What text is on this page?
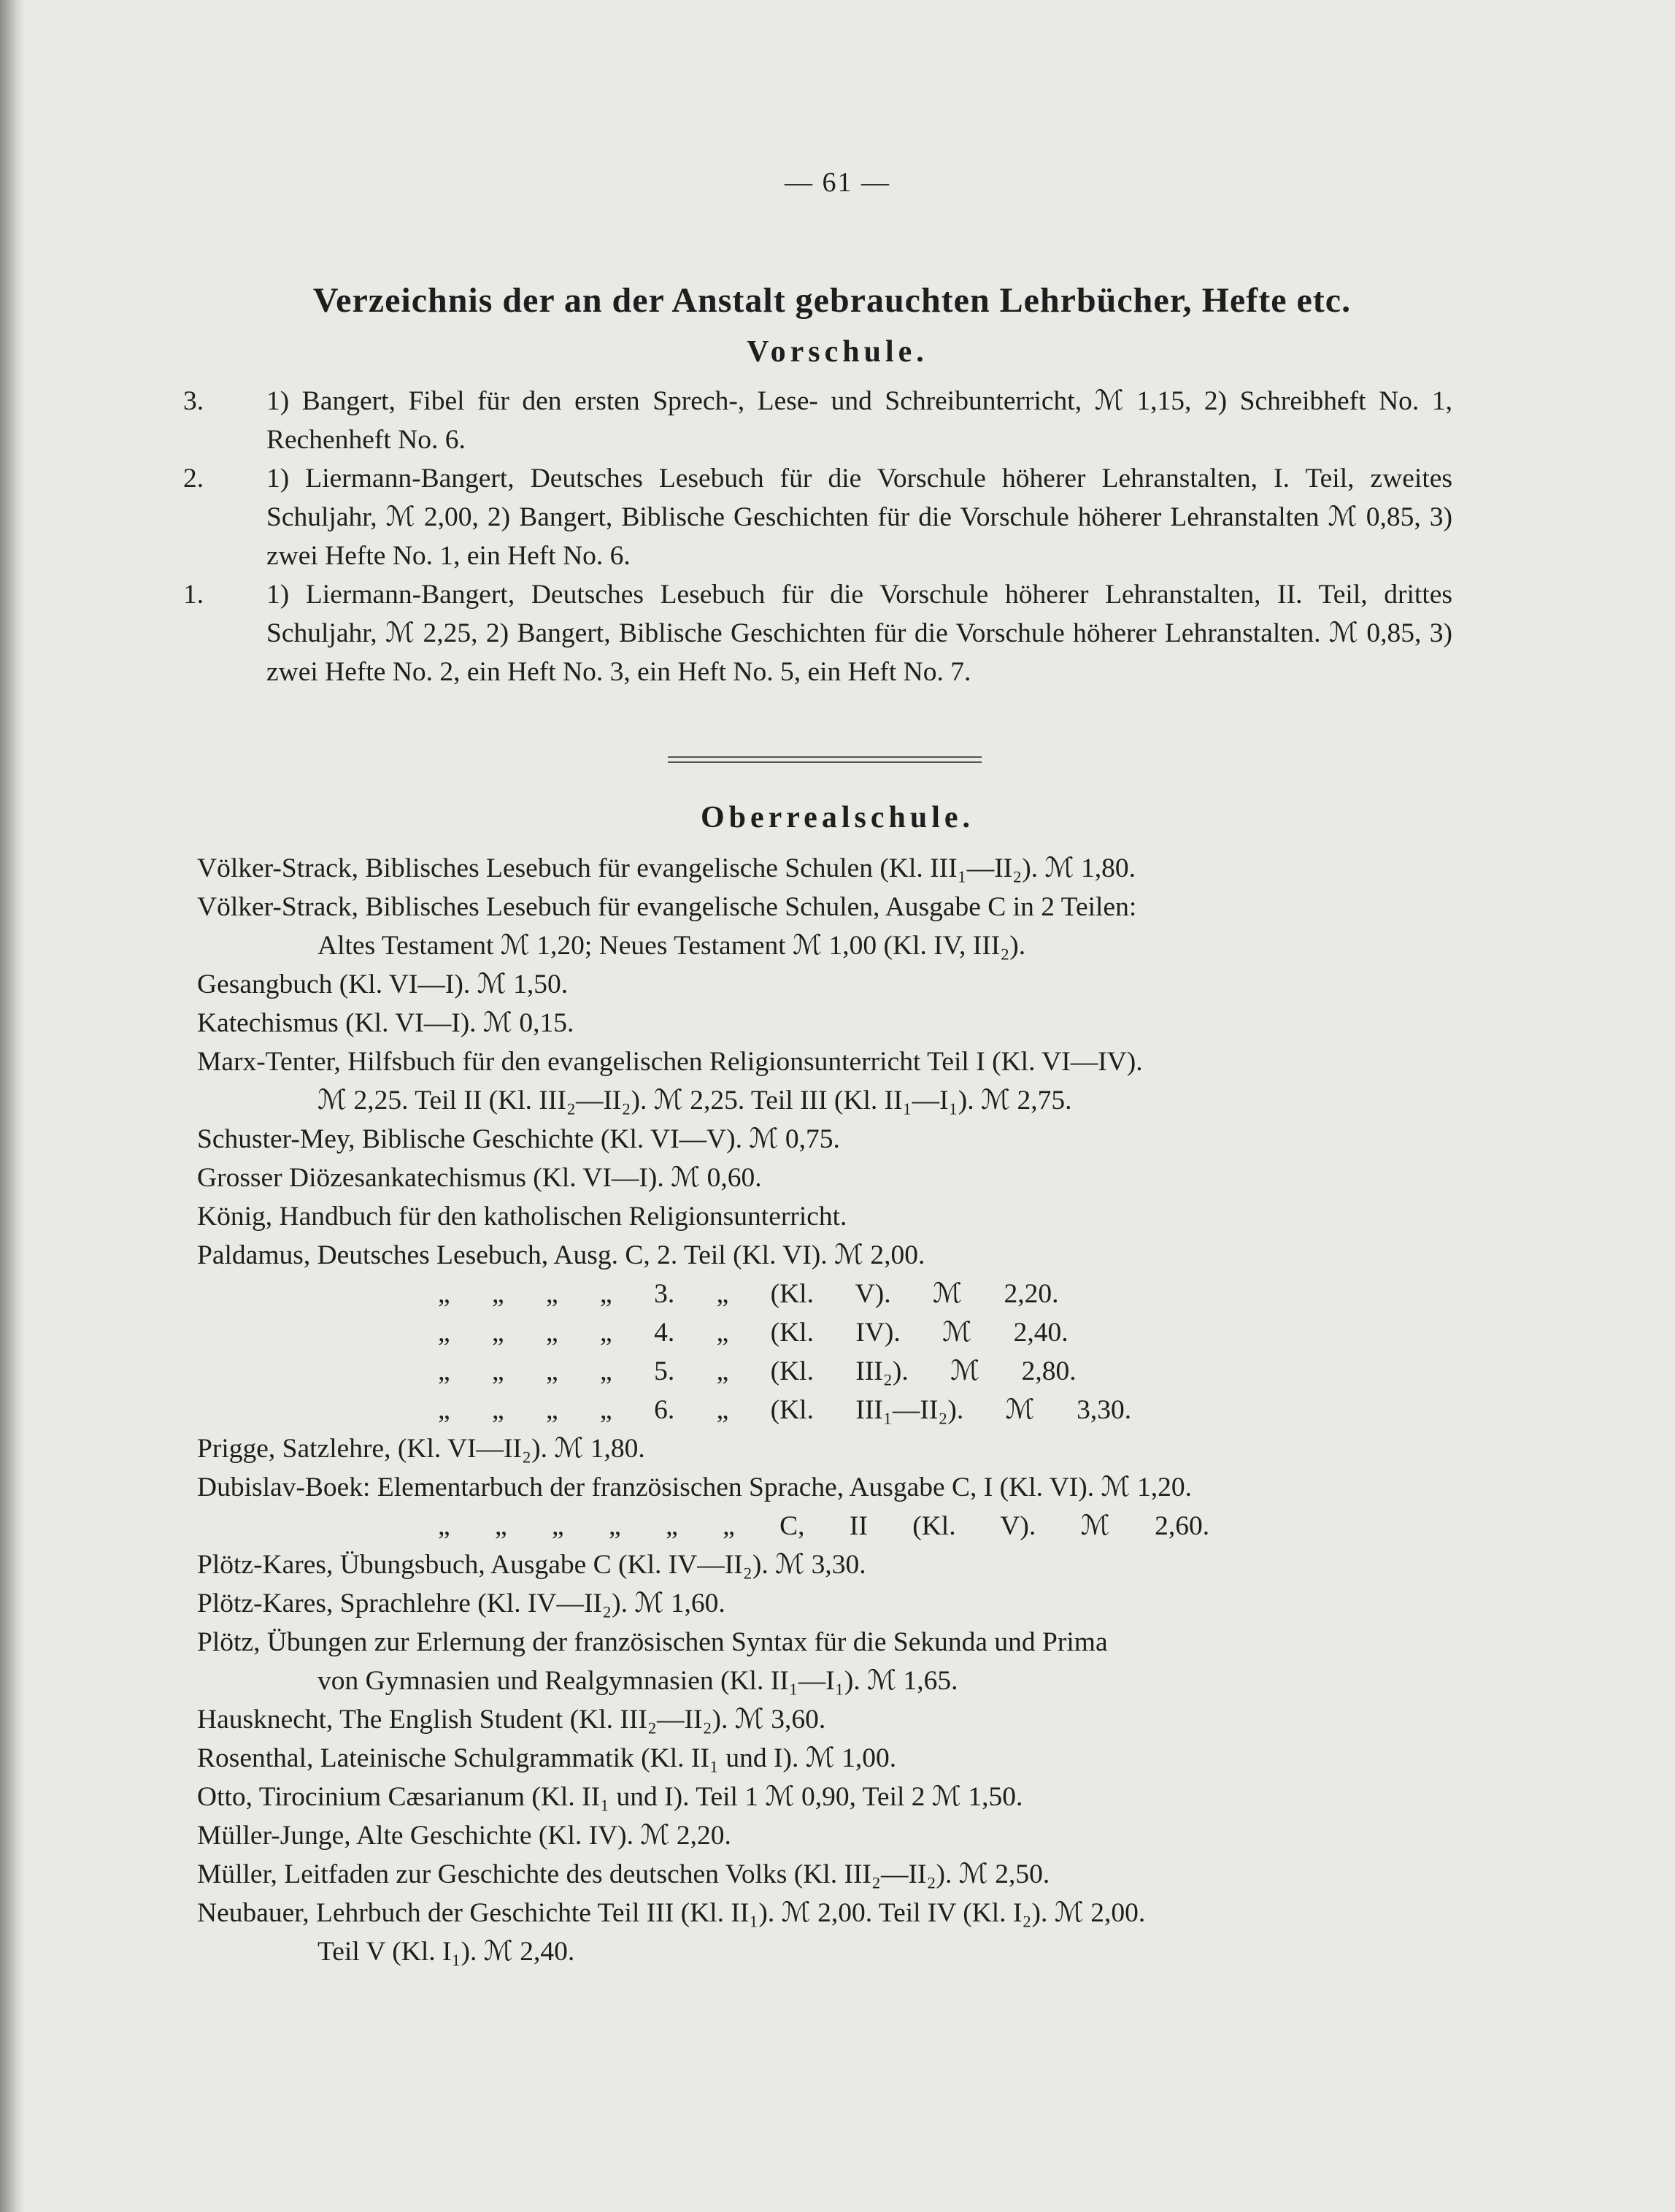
— 61 —
Verzeichnis der an der Anstalt gebrauchten Lehrbücher, Hefte etc.
Vorschule.
3.	1) Bangert, Fibel für den ersten Sprech-, Lese- und Schreibunterricht, ℳ 1,15, 2) Schreibheft No. 1, Rechenheft No. 6.
2.	1) Liermann-Bangert, Deutsches Lesebuch für die Vorschule höherer Lehranstalten, I. Teil, zweites Schuljahr, ℳ 2,00, 2) Bangert, Biblische Geschichten für die Vorschule höherer Lehranstalten ℳ 0,85, 3) zwei Hefte No. 1, ein Heft No. 6.
1.	1) Liermann-Bangert, Deutsches Lesebuch für die Vorschule höherer Lehranstalten, II. Teil, drittes Schuljahr, ℳ 2,25, 2) Bangert, Biblische Geschichten für die Vorschule höherer Lehranstalten. ℳ 0,85, 3) zwei Hefte No. 2, ein Heft No. 3, ein Heft No. 5, ein Heft No. 7.
Oberrealschule.
Völker-Strack, Biblisches Lesebuch für evangelische Schulen (Kl. III₁—II₂). ℳ 1,80.
Völker-Strack, Biblisches Lesebuch für evangelische Schulen, Ausgabe C in 2 Teilen:
Altes Testament ℳ 1,20; Neues Testament ℳ 1,00 (Kl. IV, III₂).
Gesangbuch (Kl. VI—I). ℳ 1,50.
Katechismus (Kl. VI—I). ℳ 0,15.
Marx-Tenter, Hilfsbuch für den evangelischen Religionsunterricht Teil I (Kl. VI—IV).
ℳ 2,25. Teil II (Kl. III₂—II₂). ℳ 2,25. Teil III (Kl. II₁—I₁). ℳ 2,75.
Schuster-Mey, Biblische Geschichte (Kl. VI—V). ℳ 0,75.
Grosser Diözesankatechismus (Kl. VI—I). ℳ 0,60.
König, Handbuch für den katholischen Religionsunterricht.
Paldamus, Deutsches Lesebuch, Ausg. C, 2. Teil (Kl. VI). ℳ 2,00.
„ „ „ „ 3. „ (Kl. V). ℳ 2,20.
„ „ „ „ 4. „ (Kl. IV). ℳ 2,40.
„ „ „ „ 5. „ (Kl. III₂). ℳ 2,80.
„ „ „ „ 6. „ (Kl. III₁—II₂). ℳ 3,30.
Prigge, Satzlehre, (Kl. VI—II₂). ℳ 1,80.
Dubislav-Boek: Elementarbuch der französischen Sprache, Ausgabe C, I (Kl. VI). ℳ 1,20.
„ „ „ „ „ „ C, II (Kl. V). ℳ 2,60.
Plötz-Kares, Übungsbuch, Ausgabe C (Kl. IV—II₂). ℳ 3,30.
Plötz-Kares, Sprachlehre (Kl. IV—II₂). ℳ 1,60.
Plötz, Übungen zur Erlernung der französischen Syntax für die Sekunda und Prima
von Gymnasien und Realgymnasien (Kl. II₁—I₁). ℳ 1,65.
Hausknecht, The English Student (Kl. III₂—II₂). ℳ 3,60.
Rosenthal, Lateinische Schulgrammatik (Kl. II₁ und I). ℳ 1,00.
Otto, Tirocinium Cæsarianum (Kl. II₁ und I). Teil 1 ℳ 0,90, Teil 2 ℳ 1,50.
Müller-Junge, Alte Geschichte (Kl. IV). ℳ 2,20.
Müller, Leitfaden zur Geschichte des deutschen Volks (Kl. III₂—II₂). ℳ 2,50.
Neubauer, Lehrbuch der Geschichte Teil III (Kl. II₁). ℳ 2,00. Teil IV (Kl. I₂). ℳ 2,00.
Teil V (Kl. I₁). ℳ 2,40.
